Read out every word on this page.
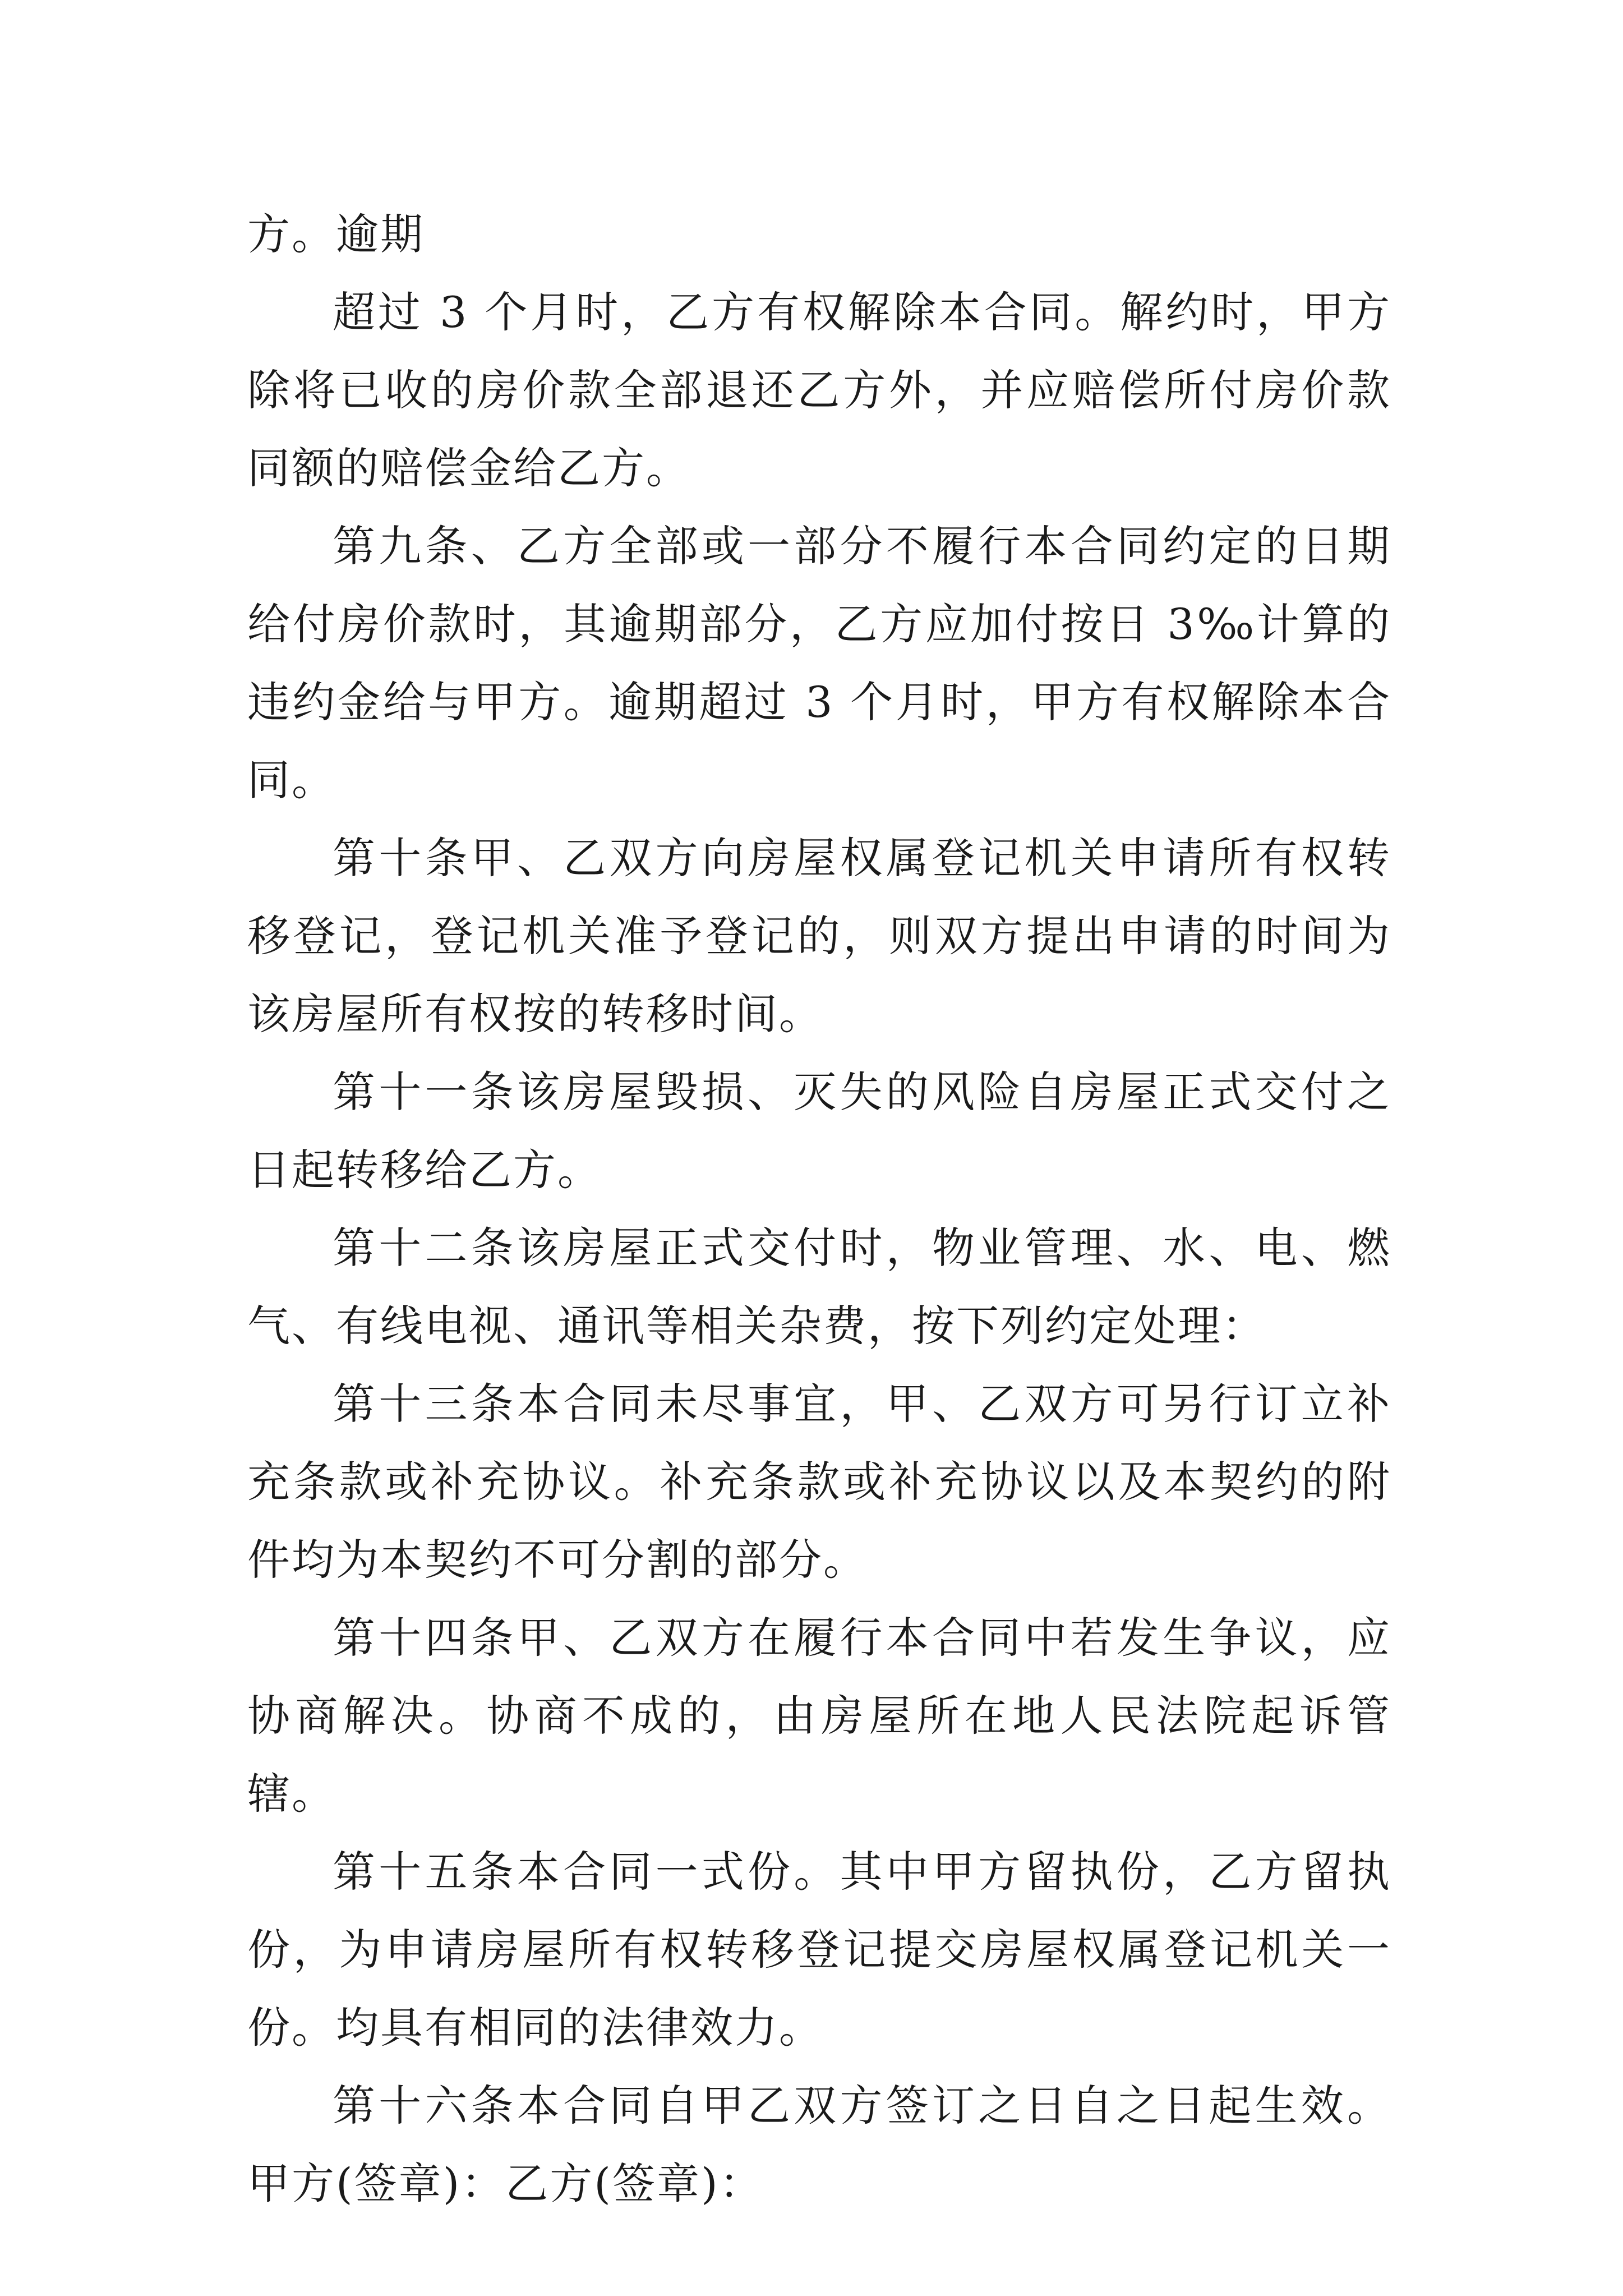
方。逾期

超过 3 个月时，乙方有权解除本合同。解约时，甲方除将已收的房价款全部退还乙方外，并应赔偿所付房价款同额的赔偿金给乙方。

第九条、乙方全部或一部分不履行本合同约定的日期给付房价款时，其逾期部分，乙方应加付按日 3‰计算的违约金给与甲方。逾期超过 3 个月时，甲方有权解除本合同。

第十条甲、乙双方向房屋权属登记机关申请所有权转移登记，登记机关准予登记的，则双方提出申请的时间为该房屋所有权按的转移时间。

第十一条该房屋毁损、灭失的风险自房屋正式交付之日起转移给乙方。

第十二条该房屋正式交付时，物业管理、水、电、燃气、有线电视、通讯等相关杂费，按下列约定处理：

第十三条本合同未尽事宜，甲、乙双方可另行订立补充条款或补充协议。补充条款或补充协议以及本契约的附件均为本契约不可分割的部分。

第十四条甲、乙双方在履行本合同中若发生争议，应协商解决。协商不成的，由房屋所在地人民法院起诉管辖。

第十五条本合同一式份。其中甲方留执份，乙方留执份，为申请房屋所有权转移登记提交房屋权属登记机关一份。均具有相同的法律效力。

第十六条本合同自甲乙双方签订之日自之日起生效。甲方(签章)：乙方(签章)：
